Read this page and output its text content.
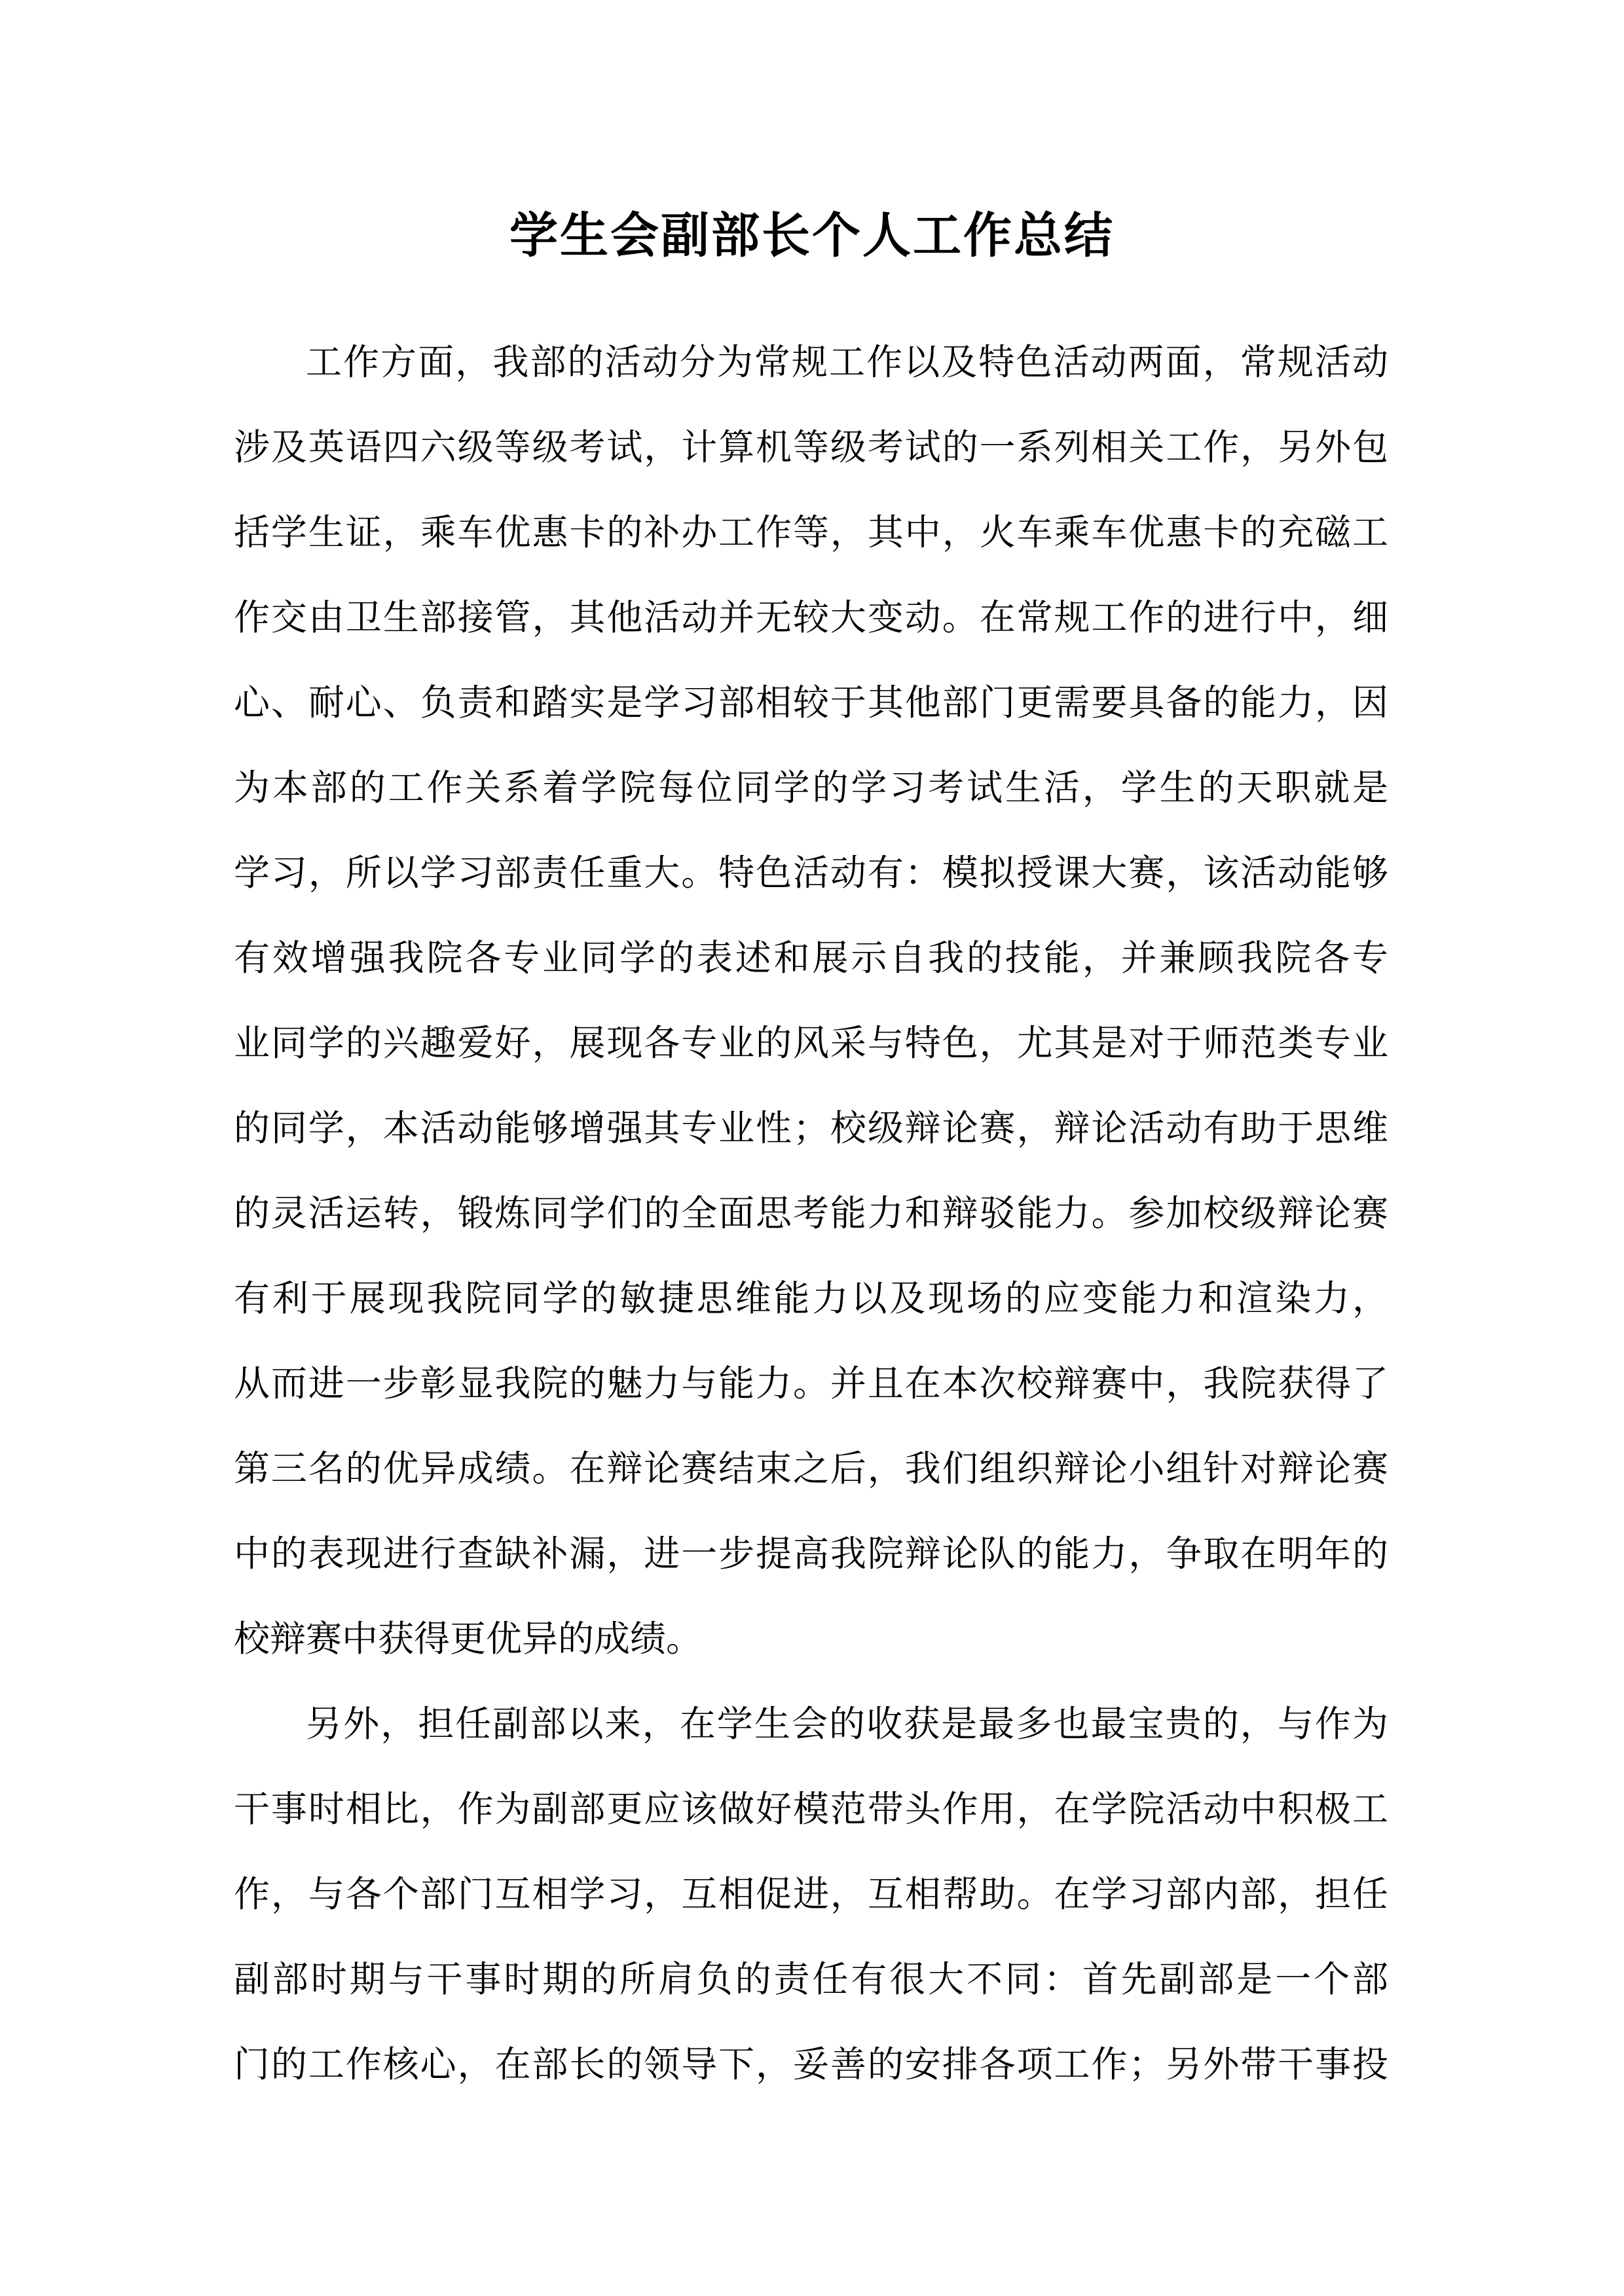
学生会副部长个人工作总结
工作方面，我部的活动分为常规工作以及特色活动两面，常规活动
涉及英语四六级等级考试，计算机等级考试的一系列相关工作，另外包
括学生证，乘车优惠卡的补办工作等，其中，火车乘车优惠卡的充磁工
作交由卫生部接管，其他活动并无较大变动。在常规工作的进行中，细
心、耐心、负责和踏实是学习部相较于其他部门更需要具备的能力，因
为本部的工作关系着学院每位同学的学习考试生活，学生的天职就是
学习，所以学习部责任重大。特色活动有：模拟授课大赛，该活动能够
有效增强我院各专业同学的表述和展示自我的技能，并兼顾我院各专
业同学的兴趣爱好，展现各专业的风采与特色，尤其是对于师范类专业
的同学，本活动能够增强其专业性；校级辩论赛，辩论活动有助于思维
的灵活运转，锻炼同学们的全面思考能力和辩驳能力。参加校级辩论赛
有利于展现我院同学的敏捷思维能力以及现场的应变能力和渲染力，
从而进一步彰显我院的魅力与能力。并且在本次校辩赛中，我院获得了
第三名的优异成绩。在辩论赛结束之后，我们组织辩论小组针对辩论赛
中的表现进行查缺补漏，进一步提高我院辩论队的能力，争取在明年的
校辩赛中获得更优异的成绩。
另外，担任副部以来，在学生会的收获是最多也最宝贵的，与作为
干事时相比，作为副部更应该做好模范带头作用，在学院活动中积极工
作，与各个部门互相学习，互相促进，互相帮助。在学习部内部，担任
副部时期与干事时期的所肩负的责任有很大不同：首先副部是一个部
门的工作核心，在部长的领导下，妥善的安排各项工作；另外带干事投
